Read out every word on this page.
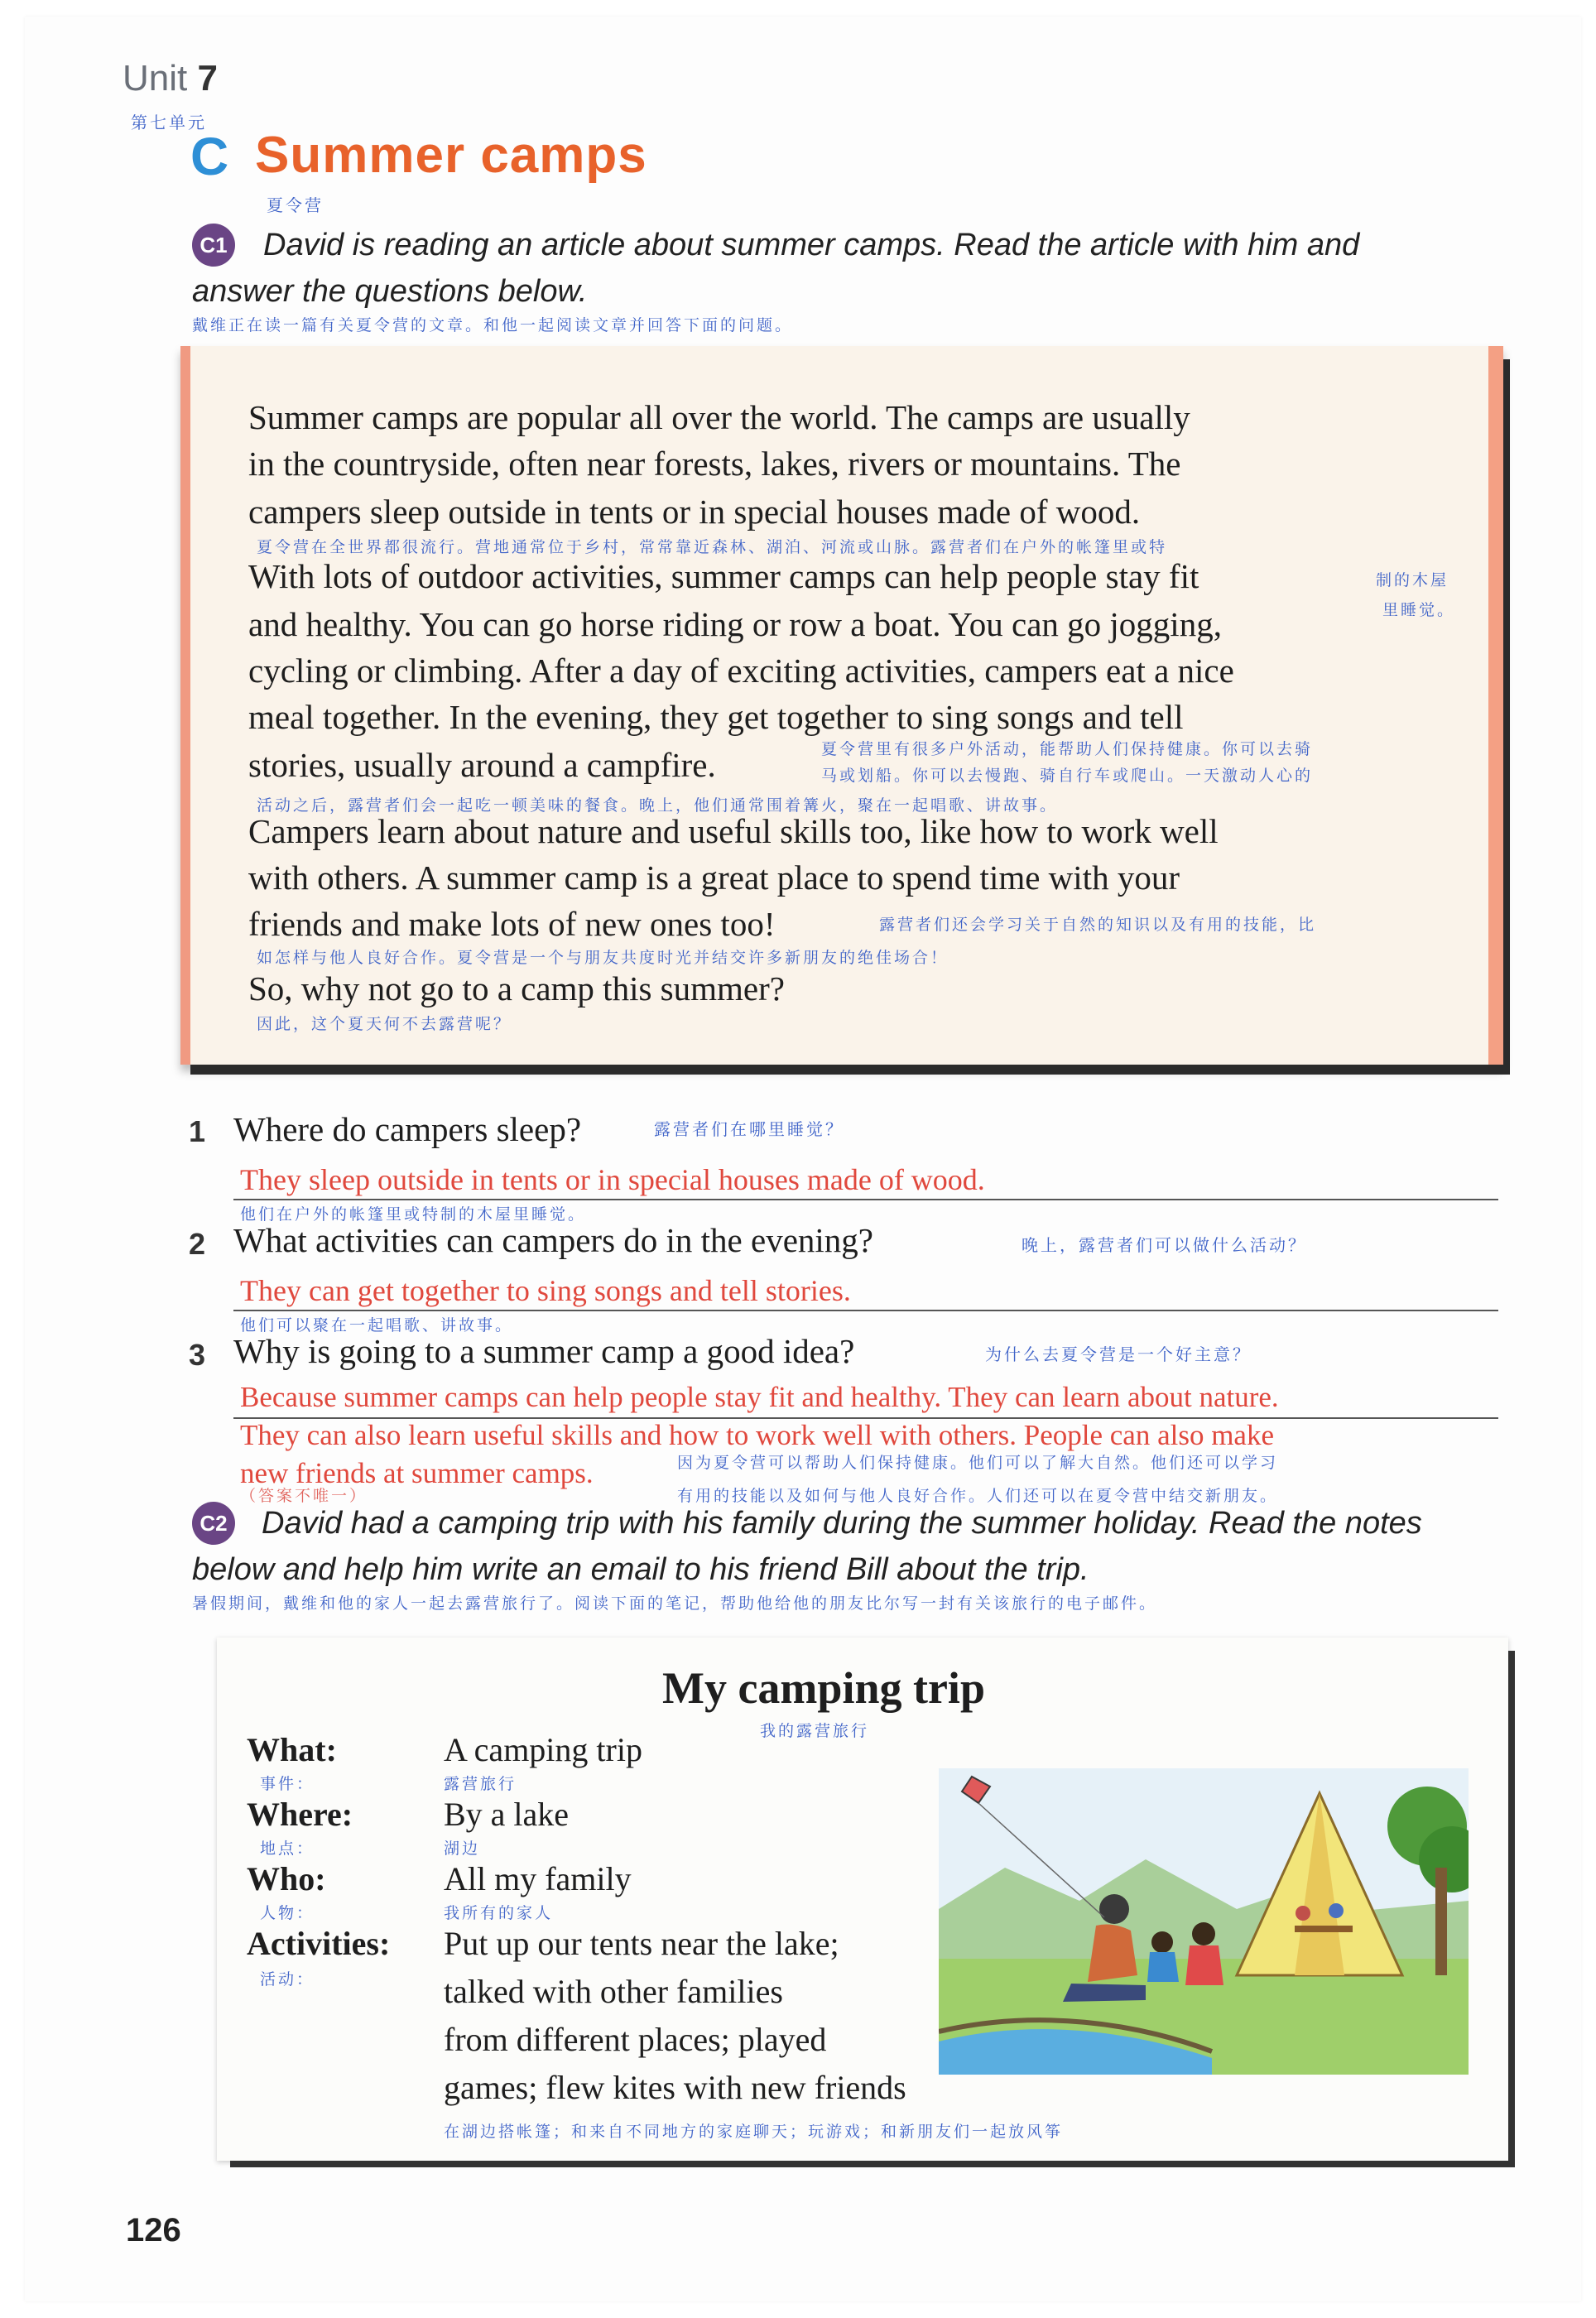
Unit 7
第七单元
C Summer camps
夏令营
C1 David is reading an article about summer camps. Read the article with him and
answer the questions below.
戴维正在读一篇有关夏令营的文章。和他一起阅读文章并回答下面的问题。
Summer camps are popular all over the world. The camps are usually
in the countryside, often near forests, lakes, rivers or mountains. The
campers sleep outside in tents or in special houses made of wood.
夏令营在全世界都很流行。营地通常位于乡村，常常靠近森林、湖泊、河流或山脉。露营者们在户外的帐篷里或特
With lots of outdoor activities, summer camps can help people stay fit	制的木屋
and healthy. You can go horse riding or row a boat. You can go jogging,	里睡觉。
cycling or climbing. After a day of exciting activities, campers eat a nice
meal together. In the evening, they get together to sing songs and tell
stories, usually around a campfire.	夏令营里有很多户外活动，能帮助人们保持健康。你可以去骑
马或划船。你可以去慢跑、骑自行车或爬山。一天激动人心的
活动之后，露营者们会一起吃一顿美味的餐食。晚上，他们通常围着篝火，聚在一起唱歌、讲故事。
Campers learn about nature and useful skills too, like how to work well
with others. A summer camp is a great place to spend time with your
friends and make lots of new ones too!	露营者们还会学习关于自然的知识以及有用的技能，比
如怎样与他人良好合作。夏令营是一个与朋友共度时光并结交许多新朋友的绝佳场合！
So, why not go to a camp this summer?
因此，这个夏天何不去露营呢？
1 Where do campers sleep?	露营者们在哪里睡觉？
They sleep outside in tents or in special houses made of wood.
他们在户外的帐篷里或特制的木屋里睡觉。
2 What activities can campers do in the evening?	晚上，露营者们可以做什么活动？
They can get together to sing songs and tell stories.
他们可以聚在一起唱歌、讲故事。
3 Why is going to a summer camp a good idea?	为什么去夏令营是一个好主意？
Because summer camps can help people stay fit and healthy. They can learn about nature.
They can also learn useful skills and how to work well with others. People can also make
new friends at summer camps.	因为夏令营可以帮助人们保持健康。他们可以了解大自然。他们还可以学习
有用的技能以及如何与他人良好合作。人们还可以在夏令营中结交新朋友。
（答案不唯一）
C2 David had a camping trip with his family during the summer holiday. Read the notes
below and help him write an email to his friend Bill about the trip.
暑假期间，戴维和他的家人一起去露营旅行了。阅读下面的笔记，帮助他给他的朋友比尔写一封有关该旅行的电子邮件。
My camping trip
我的露营旅行
What:
事件：
A camping trip
露营旅行
Where:
地点：
By a lake
湖边
Who:
人物：
All my family
我所有的家人
Activities:
活动：
Put up our tents near the lake;
talked with other families
from different places; played
games; flew kites with new friends
在湖边搭帐篷；和来自不同地方的家庭聊天；玩游戏；和新朋友们一起放风筝
126
